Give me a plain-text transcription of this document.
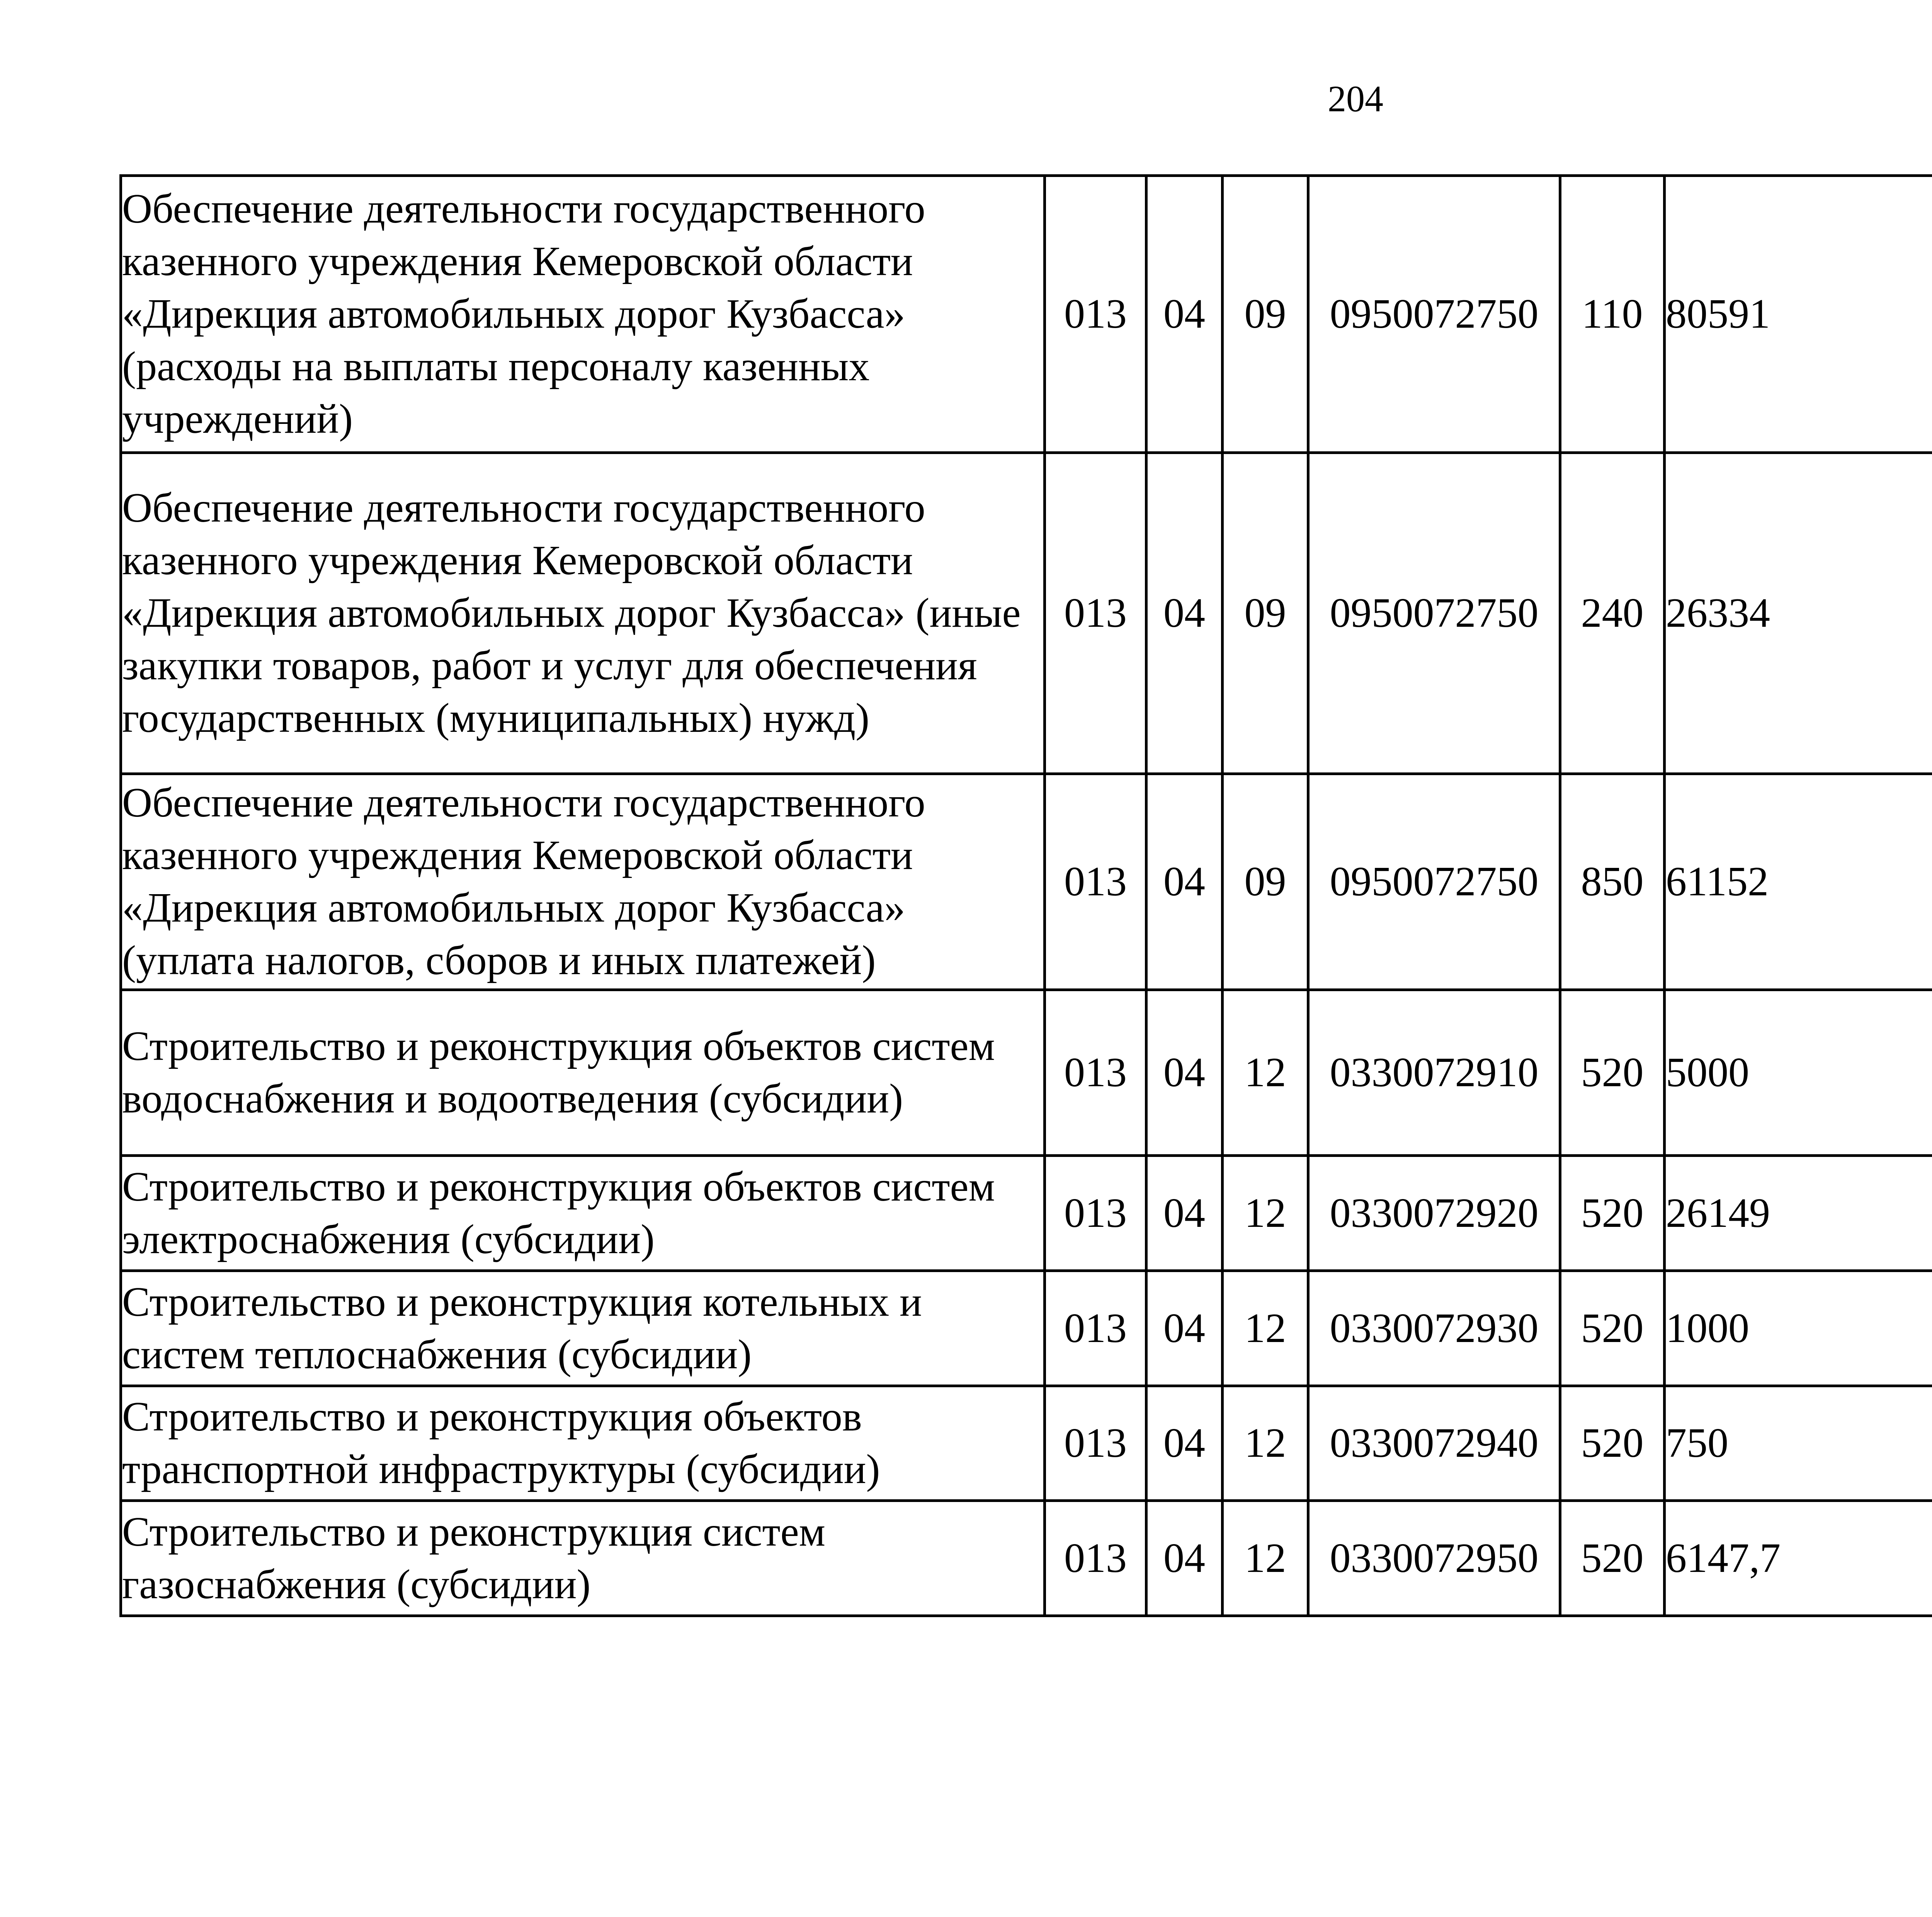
204
Обеспечение деятельности государственного казенного учреждения Кемеровской области «Дирекция автомобильных дорог Кузбасса» (расходы на выплаты персоналу казенных учреждений)	013	04	09	0950072750	110	80591		
Обеспечение деятельности государственного казенного учреждения Кемеровской области «Дирекция автомобильных дорог Кузбасса» (иные закупки товаров, работ и услуг для обеспечения государственных (муниципальных) нужд)	013	04	09	0950072750	240	26334		
Обеспечение деятельности государственного казенного учреждения Кемеровской области «Дирекция автомобильных дорог Кузбасса» (уплата налогов, сборов и иных платежей)	013	04	09	0950072750	850	61152		
Строительство и реконструкция объектов систем водоснабжения и водоотведения (субсидии)	013	04	12	0330072910	520	5000		
Строительство и реконструкция объектов систем электроснабжения (субсидии)	013	04	12	0330072920	520	26149		
Строительство и реконструкция котельных и систем теплоснабжения (субсидии)	013	04	12	0330072930	520	1000		
Строительство и реконструкция объектов транспортной инфраструктуры (субсидии)	013	04	12	0330072940	520	750		
Строительство и реконструкция систем газоснабжения (субсидии)	013	04	12	0330072950	520	6147,7		
